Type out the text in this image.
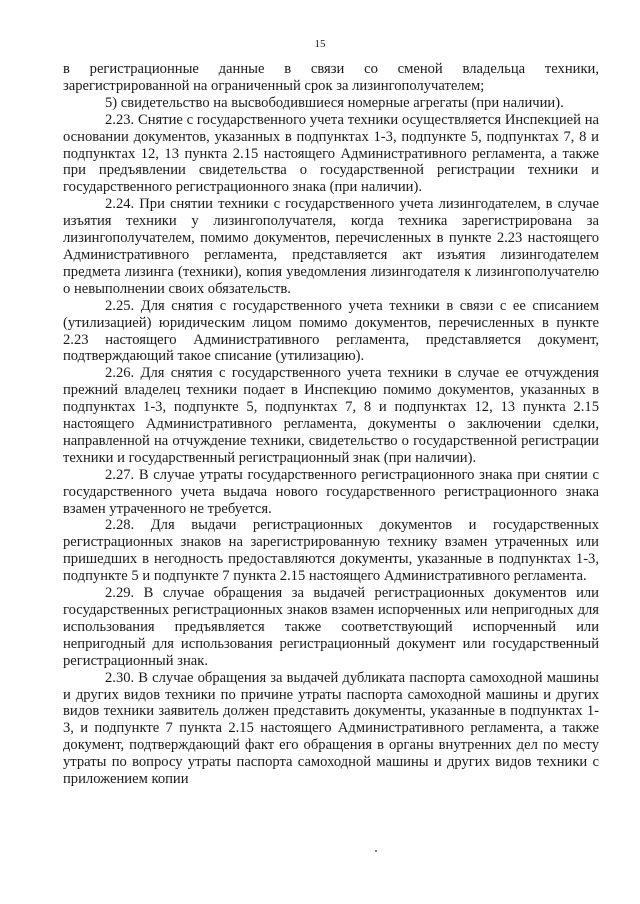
15

в регистрационные данные в связи со сменой владельца техники, зарегистрированной на ограниченный срок за лизингополучателем;

5) свидетельство на высвободившиеся номерные агрегаты (при наличии).

2.23. Снятие с государственного учета техники осуществляется Инспекцией на основании документов, указанных в подпунктах 1-3, подпункте 5, подпунктах 7, 8 и подпунктах 12, 13 пункта 2.15 настоящего Административного регламента, а также при предъявлении свидетельства о государственной регистрации техники и государственного регистрационного знака (при наличии).

2.24. При снятии техники с государственного учета лизингодателем, в случае изъятия техники у лизингополучателя, когда техника зарегистрирована за лизингополучателем, помимо документов, перечисленных в пункте 2.23 настоящего Административного регламента, представляется акт изъятия лизингодателем предмета лизинга (техники), копия уведомления лизингодателя к лизингополучателю о невыполнении своих обязательств.

2.25. Для снятия с государственного учета техники в связи с ее списанием (утилизацией) юридическим лицом помимо документов, перечисленных в пункте 2.23 настоящего Административного регламента, представляется документ, подтверждающий такое списание (утилизацию).

2.26. Для снятия с государственного учета техники в случае ее отчуждения прежний владелец техники подает в Инспекцию помимо документов, указанных в подпунктах 1-3, подпункте 5, подпунктах 7, 8 и подпунктах 12, 13 пункта 2.15 настоящего Административного регламента, документы о заключении сделки, направленной на отчуждение техники, свидетельство о государственной регистрации техники и государственный регистрационный знак (при наличии).

2.27. В случае утраты государственного регистрационного знака при снятии с государственного учета выдача нового государственного регистрационного знака взамен утраченного не требуется.

2.28. Для выдачи регистрационных документов и государственных регистрационных знаков на зарегистрированную технику взамен утраченных или пришедших в негодность предоставляются документы, указанные в подпунктах 1-3, подпункте 5 и подпункте 7 пункта 2.15 настоящего Административного регламента.

2.29. В случае обращения за выдачей регистрационных документов или государственных регистрационных знаков взамен испорченных или непригодных для использования предъявляется также соответствующий испорченный или непригодный для использования регистрационный документ или государственный регистрационный знак.

2.30. В случае обращения за выдачей дубликата паспорта самоходной машины и других видов техники по причине утраты паспорта самоходной машины и других видов техники заявитель должен представить документы, указанные в подпунктах 1-3, и подпункте 7 пункта 2.15 настоящего Административного регламента, а также документ, подтверждающий факт его обращения в органы внутренних дел по месту утраты по вопросу утраты паспорта самоходной машины и других видов техники с приложением копии
